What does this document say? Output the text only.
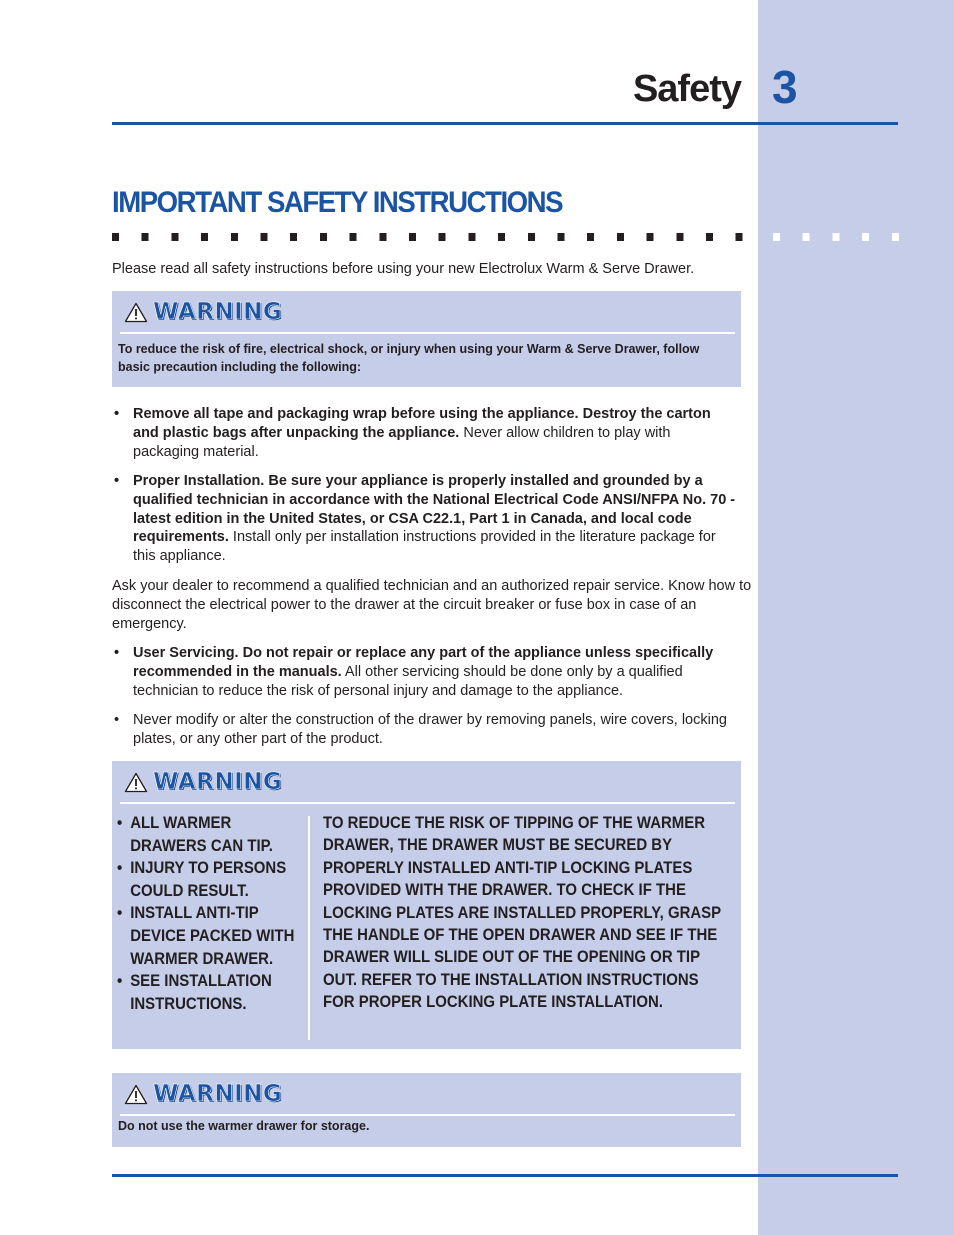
Safety 3
IMPORTANT SAFETY INSTRUCTIONS
Please read all safety instructions before using your new Electrolux Warm & Serve Drawer.
WARNING
To reduce the risk of fire, electrical shock, or injury when using your Warm & Serve Drawer, follow basic precaution including the following:
• Remove all tape and packaging wrap before using the appliance. Destroy the carton and plastic bags after unpacking the appliance. Never allow children to play with packaging material.
• Proper Installation. Be sure your appliance is properly installed and grounded by a qualified technician in accordance with the National Electrical Code ANSI/NFPA No. 70 - latest edition in the United States, or CSA C22.1, Part 1 in Canada, and local code requirements. Install only per installation instructions provided in the literature package for this appliance.
Ask your dealer to recommend a qualified technician and an authorized repair service. Know how to disconnect the electrical power to the drawer at the circuit breaker or fuse box in case of an emergency.
• User Servicing. Do not repair or replace any part of the appliance unless specifically recommended in the manuals. All other servicing should be done only by a qualified technician to reduce the risk of personal injury and damage to the appliance.
• Never modify or alter the construction of the drawer by removing panels, wire covers, locking plates, or any other part of the product.
WARNING
• ALL WARMER DRAWERS CAN TIP.
• INJURY TO PERSONS COULD RESULT.
• INSTALL ANTI-TIP DEVICE PACKED WITH WARMER DRAWER.
• SEE INSTALLATION INSTRUCTIONS.
TO REDUCE THE RISK OF TIPPING OF THE WARMER DRAWER, THE DRAWER MUST BE SECURED BY PROPERLY INSTALLED ANTI-TIP LOCKING PLATES PROVIDED WITH THE DRAWER. TO CHECK IF THE LOCKING PLATES ARE INSTALLED PROPERLY, GRASP THE HANDLE OF THE OPEN DRAWER AND SEE IF THE DRAWER WILL SLIDE OUT OF THE OPENING OR TIP OUT. REFER TO THE INSTALLATION INSTRUCTIONS FOR PROPER LOCKING PLATE INSTALLATION.
WARNING
Do not use the warmer drawer for storage.
